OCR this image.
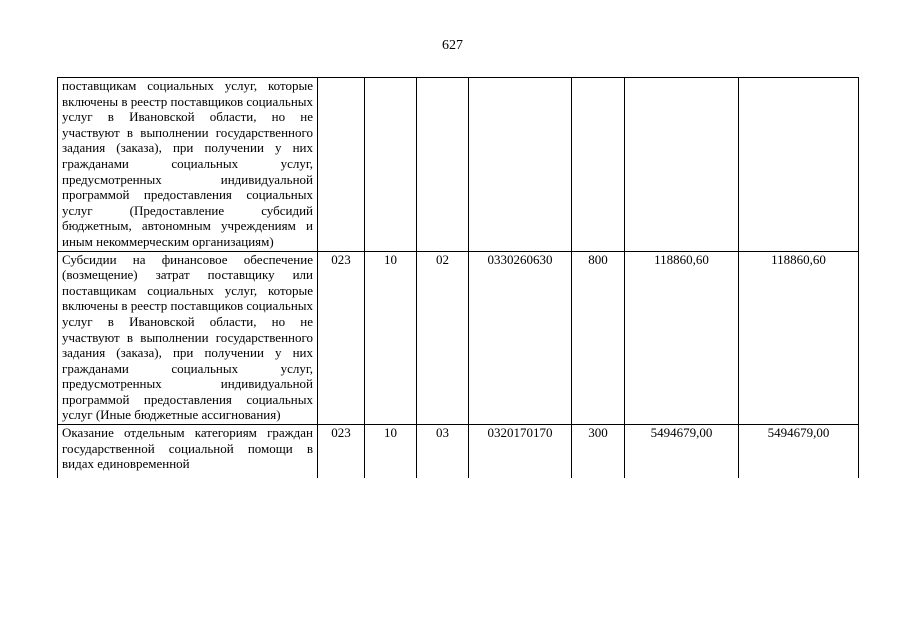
627
поставщикам социальных услуг, которые включены в реестр поставщиков социальных услуг в Ивановской области, но не участвуют в выполнении государственного задания (заказа), при получении у них гражданами социальных услуг, предусмотренных индивидуальной программой предоставления социальных услуг (Предоставление субсидий бюджетным, автономным учреждениям и иным некоммерческим организациям)							
Субсидии на финансовое обеспечение (возмещение) затрат поставщику или поставщикам социальных услуг, которые включены в реестр поставщиков социальных услуг в Ивановской области, но не участвуют в выполнении государственного задания (заказа), при получении у них гражданами социальных услуг, предусмотренных индивидуальной программой предоставления социальных услуг (Иные бюджетные ассигнования)	023	10	02	0330260630	800	118860,60	118860,60

Оказание отдельным категориям граждан государственной социальной помощи в видах единовременной	023	10	03	0320170170	300	5494679,00	5494679,00
